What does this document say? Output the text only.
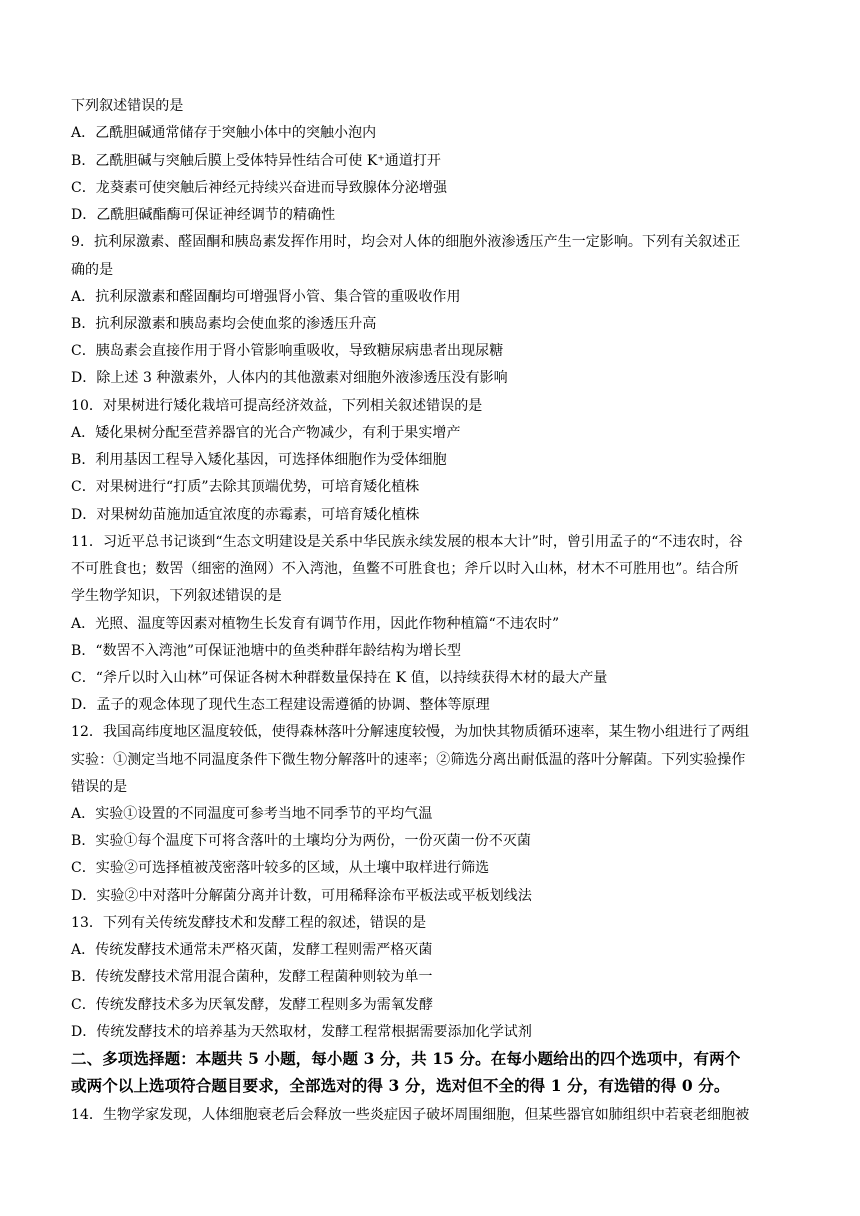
下列叙述错误的是
A．乙酰胆碱通常储存于突触小体中的突触小泡内
B．乙酰胆碱与突触后膜上受体特异性结合可使 K⁺通道打开
C．龙葵素可使突触后神经元持续兴奋进而导致腺体分泌增强
D．乙酰胆碱酯酶可保证神经调节的精确性
9．抗利尿激素、醛固酮和胰岛素发挥作用时，均会对人体的细胞外液渗透压产生一定影响。下列有关叙述正
确的是
A．抗利尿激素和醛固酮均可增强肾小管、集合管的重吸收作用
B．抗利尿激素和胰岛素均会使血浆的渗透压升高
C．胰岛素会直接作用于肾小管影响重吸收，导致糖尿病患者出现尿糖
D．除上述 3 种激素外，人体内的其他激素对细胞外液渗透压没有影响
10．对果树进行矮化栽培可提高经济效益，下列相关叙述错误的是
A．矮化果树分配至营养器官的光合产物减少，有利于果实增产
B．利用基因工程导入矮化基因，可选择体细胞作为受体细胞
C．对果树进行“打质”去除其顶端优势，可培育矮化植株
D．对果树幼苗施加适宜浓度的赤霉素，可培育矮化植株
11．习近平总书记谈到“生态文明建设是关系中华民族永续发展的根本大计”时，曾引用孟子的“不违农时，谷
不可胜食也；数罟（细密的渔网）不入湾池，鱼鳖不可胜食也；斧斤以时入山林，材木不可胜用也”。结合所
学生物学知识，下列叙述错误的是
A．光照、温度等因素对植物生长发育有调节作用，因此作物种植篇“不违农时”
B．“数罟不入湾池”可保证池塘中的鱼类种群年龄结构为增长型
C．“斧斤以时入山林”可保证各树木种群数量保持在 K 值，以持续获得木材的最大产量
D．孟子的观念体现了现代生态工程建设需遵循的协调、整体等原理
12．我国高纬度地区温度较低，使得森林落叶分解速度较慢，为加快其物质循环速率，某生物小组进行了两组
实验：①测定当地不同温度条件下微生物分解落叶的速率；②筛选分离出耐低温的落叶分解菌。下列实验操作
错误的是
A．实验①设置的不同温度可参考当地不同季节的平均气温
B．实验①每个温度下可将含落叶的土壤均分为两份，一份灭菌一份不灭菌
C．实验②可选择植被茂密落叶较多的区域，从土壤中取样进行筛选
D．实验②中对落叶分解菌分离并计数，可用稀释涂布平板法或平板划线法
13．下列有关传统发酵技术和发酵工程的叙述，错误的是
A．传统发酵技术通常未严格灭菌，发酵工程则需严格灭菌
B．传统发酵技术常用混合菌种，发酵工程菌种则较为单一
C．传统发酵技术多为厌氧发酵，发酵工程则多为需氧发酵
D．传统发酵技术的培养基为天然取材，发酵工程常根据需要添加化学试剂
二、多项选择题：本题共 5 小题，每小题 3 分，共 15 分。在每小题给出的四个选项中，有两个
或两个以上选项符合题目要求，全部选对的得 3 分，选对但不全的得 1 分，有选错的得 0 分。
14．生物学家发现，人体细胞衰老后会释放一些炎症因子破坏周围细胞，但某些器官如肺组织中若衰老细胞被
